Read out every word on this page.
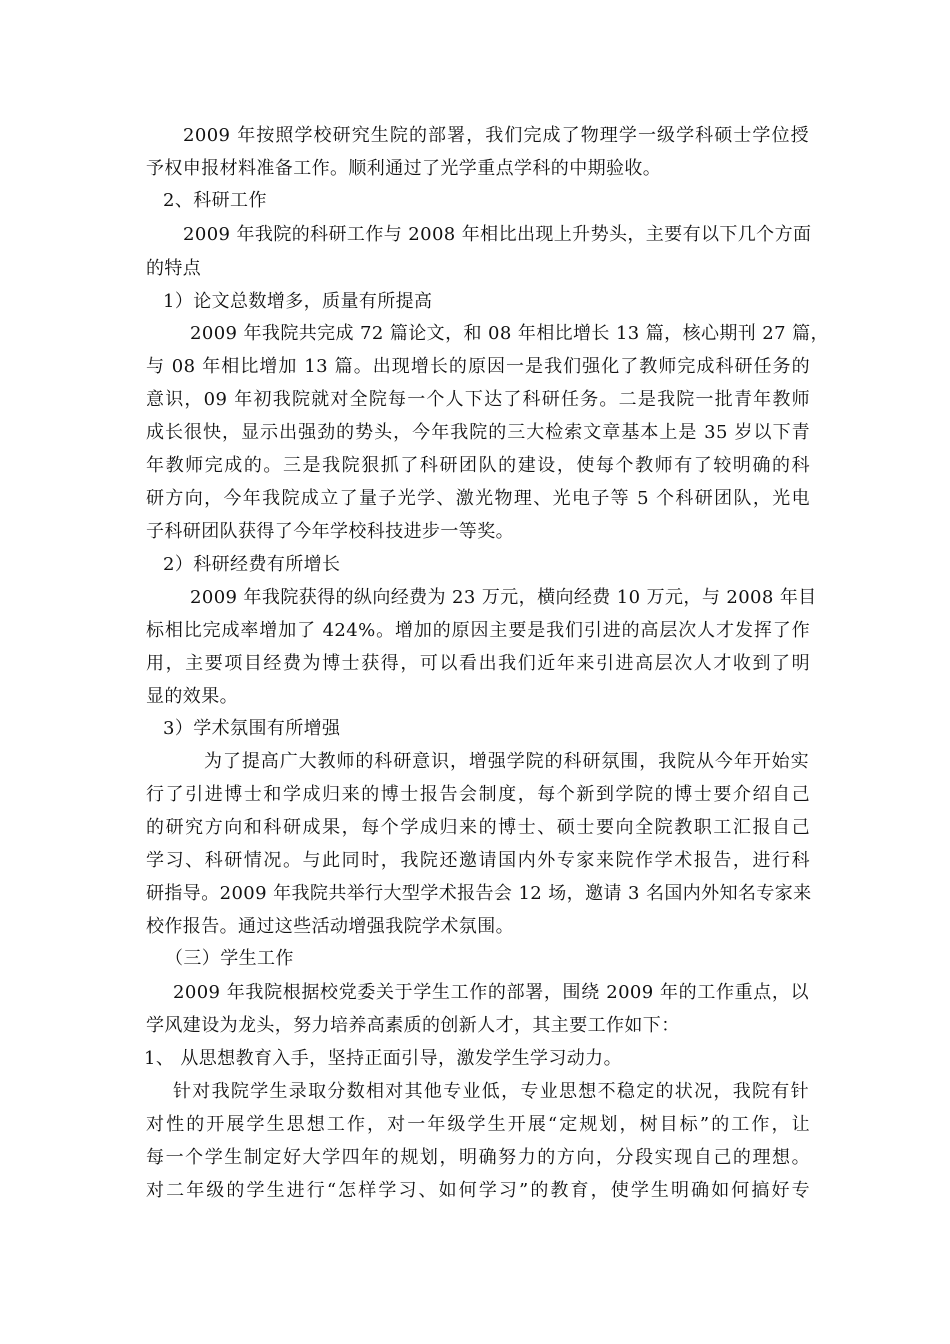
2009 年按照学校研究生院的部署，我们完成了物理学一级学科硕士学位授
予权申报材料准备工作。顺利通过了光学重点学科的中期验收。
2、科研工作
2009 年我院的科研工作与 2008 年相比出现上升势头，主要有以下几个方面
的特点
1）论文总数增多，质量有所提高
2009 年我院共完成 72 篇论文，和 08 年相比增长 13 篇，核心期刊 27 篇，
与 08 年相比增加 13 篇。出现增长的原因一是我们强化了教师完成科研任务的
意识，09 年初我院就对全院每一个人下达了科研任务。二是我院一批青年教师
成长很快，显示出强劲的势头，今年我院的三大检索文章基本上是 35 岁以下青
年教师完成的。三是我院狠抓了科研团队的建设，使每个教师有了较明确的科
研方向，今年我院成立了量子光学、激光物理、光电子等 5 个科研团队，光电
子科研团队获得了今年学校科技进步一等奖。
2）科研经费有所增长
2009 年我院获得的纵向经费为 23 万元，横向经费 10 万元，与 2008 年目
标相比完成率增加了 424%。增加的原因主要是我们引进的高层次人才发挥了作
用，主要项目经费为博士获得，可以看出我们近年来引进高层次人才收到了明
显的效果。
3）学术氛围有所增强
为了提高广大教师的科研意识，增强学院的科研氛围，我院从今年开始实
行了引进博士和学成归来的博士报告会制度，每个新到学院的博士要介绍自己
的研究方向和科研成果，每个学成归来的博士、硕士要向全院教职工汇报自己
学习、科研情况。与此同时，我院还邀请国内外专家来院作学术报告，进行科
研指导。2009 年我院共举行大型学术报告会 12 场，邀请 3 名国内外知名专家来
校作报告。通过这些活动增强我院学术氛围。
（三）学生工作
2009 年我院根据校党委关于学生工作的部署，围绕 2009 年的工作重点，以
学风建设为龙头，努力培养高素质的创新人才，其主要工作如下：
1、 从思想教育入手，坚持正面引导，激发学生学习动力。
针对我院学生录取分数相对其他专业低，专业思想不稳定的状况，我院有针
对性的开展学生思想工作，对一年级学生开展“定规划，树目标”的工作，让
每一个学生制定好大学四年的规划，明确努力的方向，分段实现自己的理想。
对二年级的学生进行“怎样学习、如何学习”的教育，使学生明确如何搞好专
